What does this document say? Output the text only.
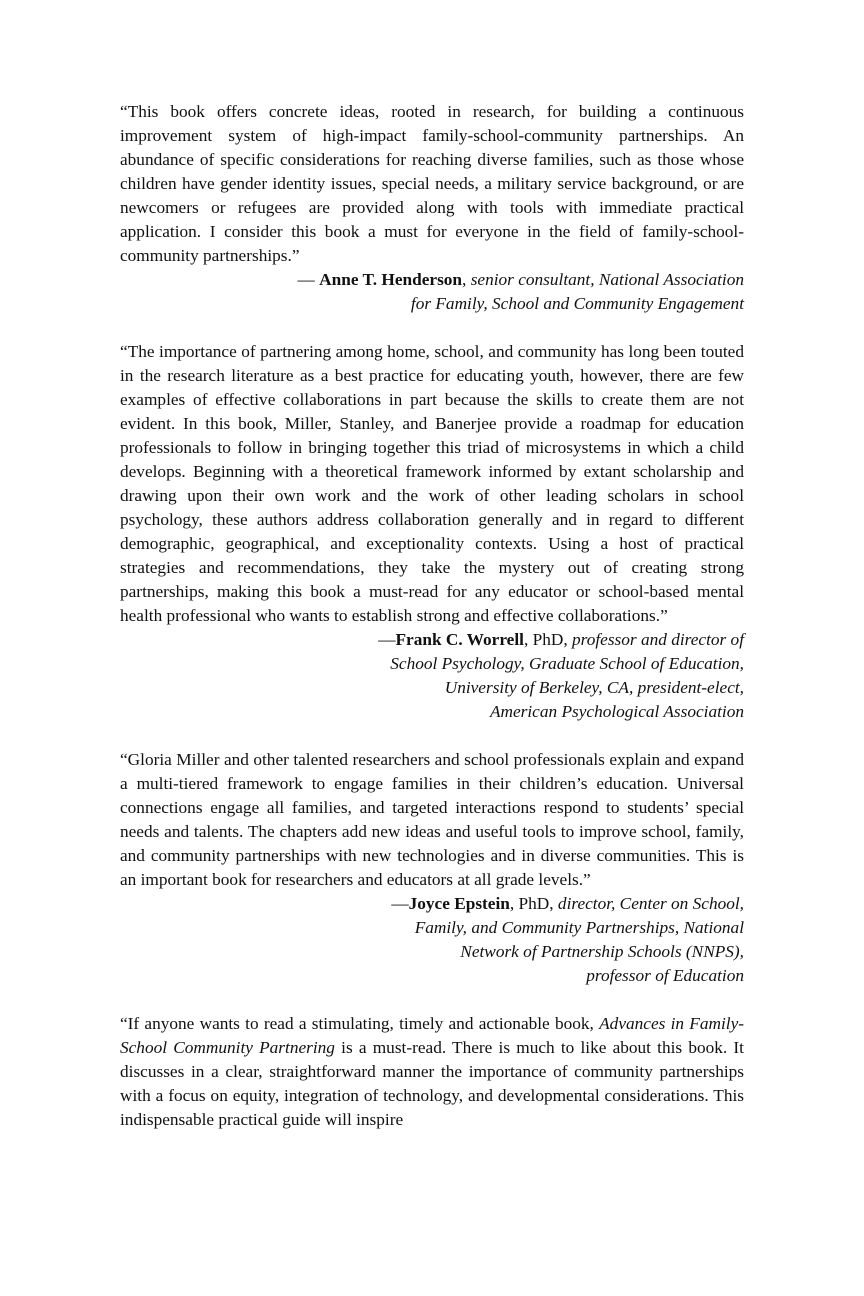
“This book offers concrete ideas, rooted in research, for building a continuous improvement system of high-impact family-school-community partnerships. An abundance of specific considerations for reaching diverse families, such as those whose children have gender identity issues, special needs, a military service background, or are newcomers or refugees are provided along with tools with immediate practical application. I consider this book a must for everyone in the field of family-school-community partnerships.”

— Anne T. Henderson, senior consultant, National Association
for Family, School and Community Engagement

“The importance of partnering among home, school, and community has long been touted in the research literature as a best practice for educating youth, however, there are few examples of effective collaborations in part because the skills to create them are not evident. In this book, Miller, Stanley, and Banerjee provide a roadmap for education professionals to follow in bringing together this triad of microsystems in which a child develops. Beginning with a theoretical framework informed by extant scholarship and drawing upon their own work and the work of other leading scholars in school psychology, these authors address collaboration generally and in regard to different demographic, geographical, and exceptionality contexts. Using a host of practical strategies and recommendations, they take the mystery out of creating strong partnerships, making this book a must-read for any educator or school-based mental health professional who wants to establish strong and effective collaborations.”

—Frank C. Worrell, PhD, professor and director of
School Psychology, Graduate School of Education,
University of Berkeley, CA, president-elect,
American Psychological Association

“Gloria Miller and other talented researchers and school professionals explain and expand a multi-tiered framework to engage families in their children’s education. Universal connections engage all families, and targeted interactions respond to students’ special needs and talents. The chapters add new ideas and useful tools to improve school, family, and community partnerships with new technologies and in diverse communities. This is an important book for researchers and educators at all grade levels.”

—Joyce Epstein, PhD, director, Center on School,
Family, and Community Partnerships, National
Network of Partnership Schools (NNPS),
professor of Education

“If anyone wants to read a stimulating, timely and actionable book, Advances in Family-School Community Partnering is a must-read. There is much to like about this book. It discusses in a clear, straightforward manner the importance of community partnerships with a focus on equity, integration of technology, and developmental considerations. This indispensable practical guide will inspire
